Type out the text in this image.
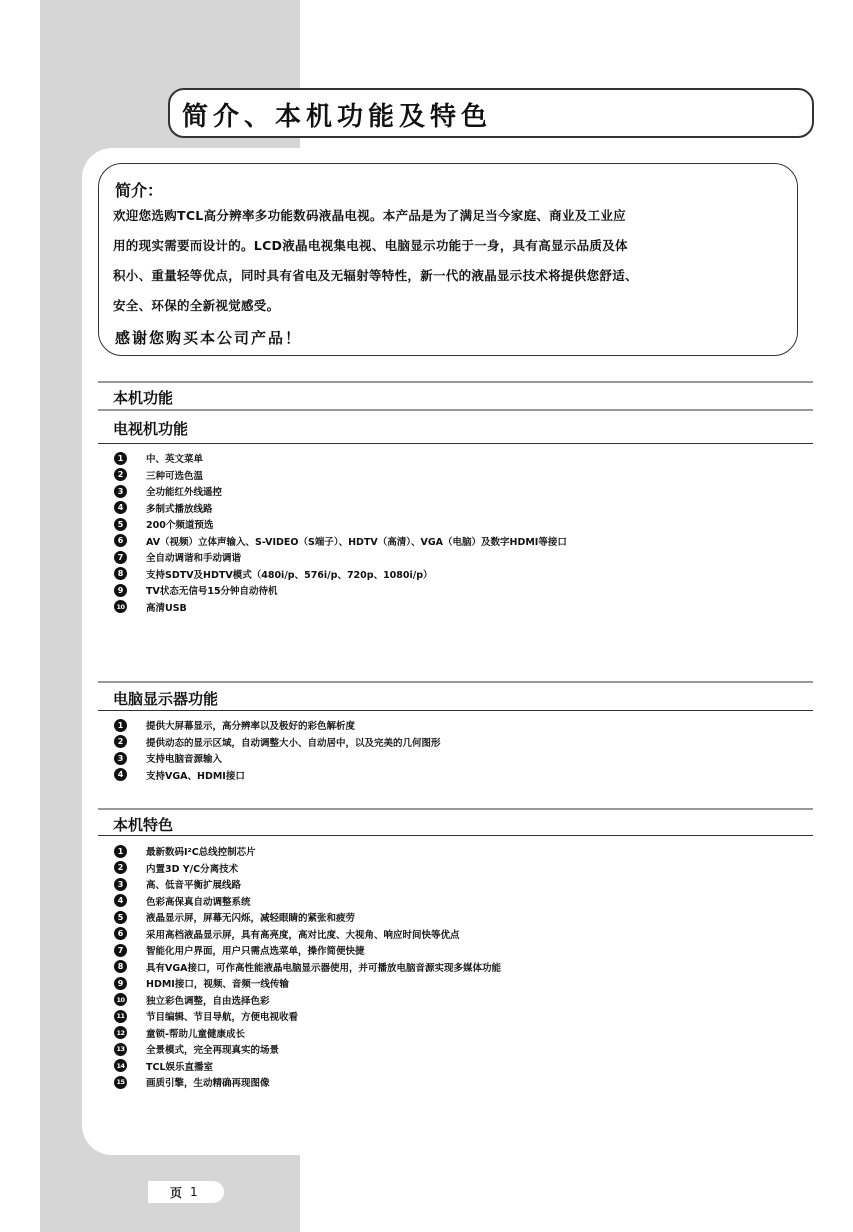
简介、本机功能及特色
简介：
欢迎您选购TCL高分辨率多功能数码液晶电视。本产品是为了满足当今家庭、商业及工业应
用的现实需要而设计的。LCD液晶电视集电视、电脑显示功能于一身，具有高显示品质及体
积小、重量轻等优点，同时具有省电及无辐射等特性，新一代的液晶显示技术将提供您舒适、
安全、环保的全新视觉感受。
感谢您购买本公司产品！
本机功能
电视机功能
1	中、英文菜单
2	三种可选色温
3	全功能红外线遥控
4	多制式播放线路
5	200个频道预选
6	AV（视频）立体声输入、S-VIDEO（S端子）、HDTV（高清）、VGA（电脑）及数字HDMI等接口
7	全自动调谐和手动调谐
8	支持SDTV及HDTV模式（480i/p、576i/p、720p、1080i/p）
9	TV状态无信号15分钟自动待机
10 高清USB
电脑显示器功能
1	提供大屏幕显示，高分辨率以及极好的彩色解析度
2	提供动态的显示区域，自动调整大小、自动居中，以及完美的几何图形
3	支持电脑音源输入
4	支持VGA、HDMI接口
本机特色
1	最新数码I²C总线控制芯片
2	内置3D Y/C分离技术
3	高、低音平衡扩展线路
4	色彩高保真自动调整系统
5	液晶显示屏，屏幕无闪烁，减轻眼睛的紧张和疲劳
6	采用高档液晶显示屏，具有高亮度，高对比度、大视角、响应时间快等优点
7	智能化用户界面，用户只需点选菜单，操作简便快捷
8	具有VGA接口，可作高性能液晶电脑显示器使用，并可播放电脑音源实现多媒体功能
9	HDMI接口，视频、音频一线传输
10 独立彩色调整，自由选择色彩
11 节目编辑、节目导航，方便电视收看
12 童锁-帮助儿童健康成长
13 全景模式，完全再现真实的场景
14 TCL娱乐直播室
15 画质引擎，生动精确再现图像
页 1
